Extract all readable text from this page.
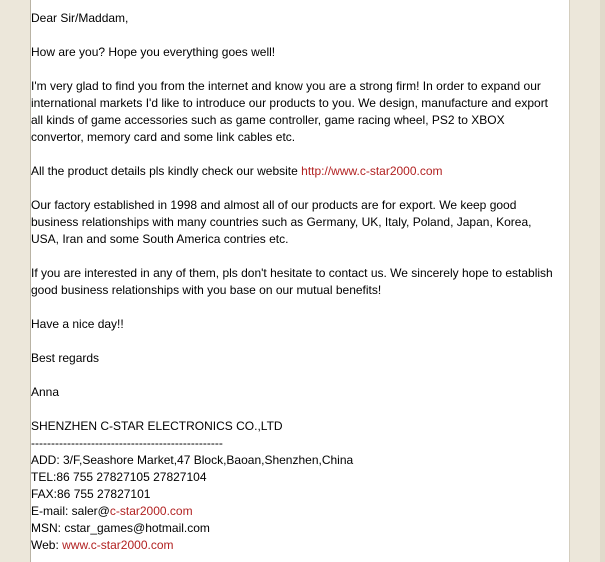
Dear Sir/Maddam,

How are you? Hope you everything goes well!

I'm very glad to find you from the internet and know you are a strong firm! In order to expand our

international markets I'd like to introduce our products to you. We design, manufacture and export

all kinds of game accessories such as game controller, game racing wheel, PS2 to XBOX

convertor, memory card and some link cables etc.

All the product details pls kindly check our website http://www.c-star2000.com

Our factory established in 1998 and almost all of our products are for export. We keep good

business relationships with many countries such as Germany, UK, Italy, Poland, Japan, Korea,

USA, Iran and some South America contries etc.

If you are interested in any of them, pls don't hesitate to contact us. We sincerely hope to establish

good business relationships with you base on our mutual benefits!

Have a nice day!!

Best regards

Anna

SHENZHEN C-STAR ELECTRONICS CO.,LTD

------------------------------------------------

ADD: 3/F,Seashore Market,47 Block,Baoan,Shenzhen,China

TEL:86 755 27827105 27827104

FAX:86 755 27827101

E-mail: saler@c-star2000.com

MSN: cstar_games@hotmail.com

Web: www.c-star2000.com
